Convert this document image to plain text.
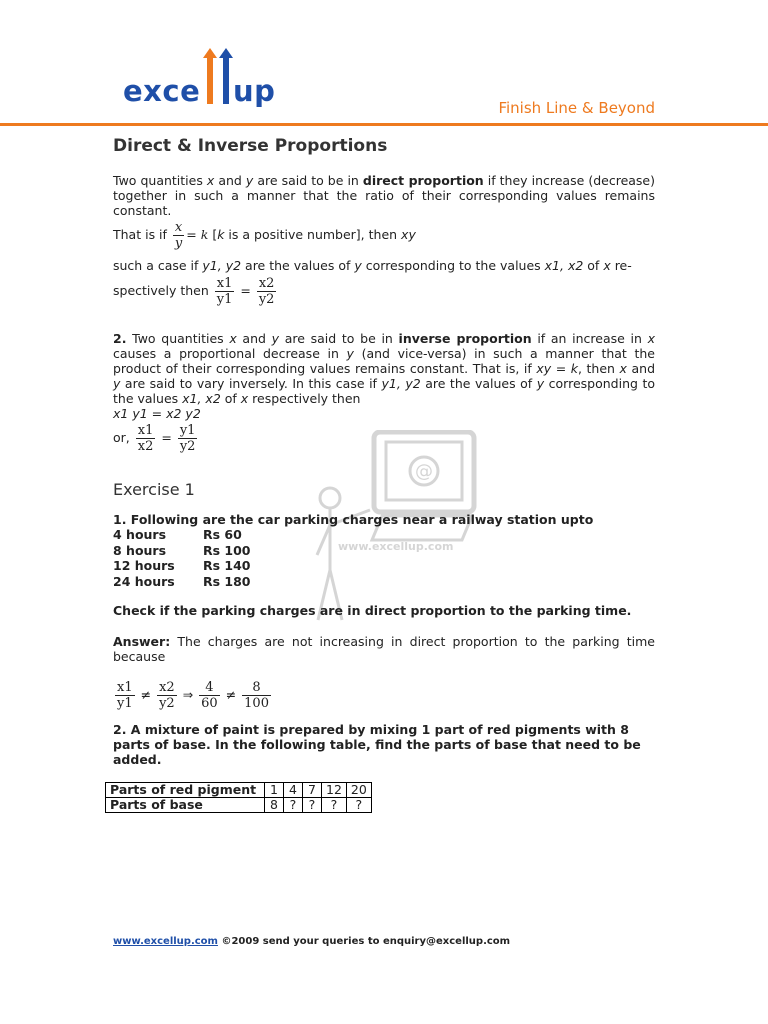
exce up	Finish Line & Beyond
@
www.excellup.com
Direct & Inverse Proportions

Two quantities x and y are said to be in direct proportion if they increase (decrease) together in such a manner that the ratio of their corresponding values remains constant.

That is if $\frac{x}{y} = k$ [k is a positive number], then xy

such a case if y1, y2 are the values of y corresponding to the values x1, x2 of x re-

spectively then $\frac{x1}{y1} = \frac{x2}{y2}$

2. Two quantities x and y are said to be in inverse proportion if an increase in x causes a proportional decrease in y (and vice-versa) in such a manner that the product of their corresponding values remains constant. That is, if xy = k, then x and y are said to vary inversely. In this case if y1, y2 are the values of y corresponding to the values x1, x2 of x respectively then

x1 y1 = x2 y2

or, $\frac{x1}{x2} = \frac{y1}{y2}$

Exercise 1

1. Following are the car parking charges near a railway station upto

4 hours	Rs 60
8 hours	Rs 100
12 hours	Rs 140
24 hours	Rs 180

Check if the parking charges are in direct proportion to the parking time.

Answer: The charges are not increasing in direct proportion to the parking time because

$\frac{x1}{y1} \ne \frac{x2}{y2}$ ⇒ $\frac{4}{60} \ne \frac{8}{100}$

2. A mixture of paint is prepared by mixing 1 part of red pigments with 8 parts of base. In the following table, find the parts of base that need to be added.

Parts of red pigment	1	4	7	12	20
Parts of base	8	?	?	?	?
www.excellup.com ©2009 send your queries to enquiry@excellup.com
